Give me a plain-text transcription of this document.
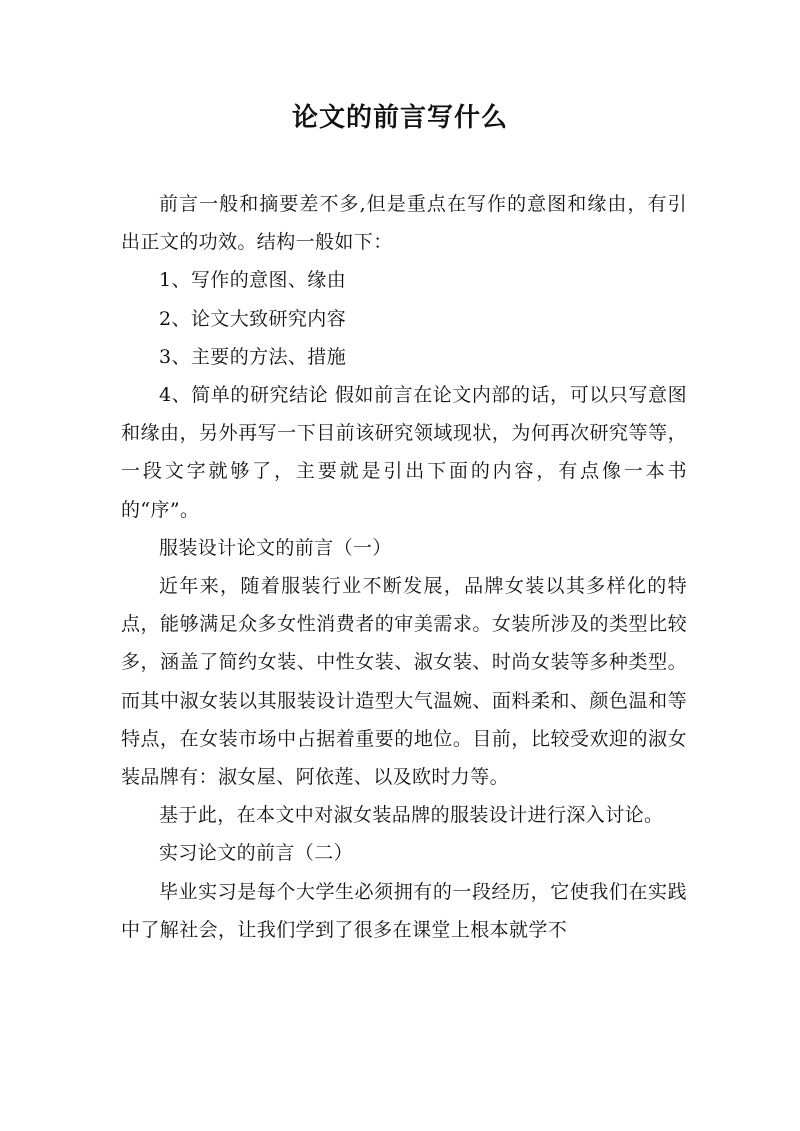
论文的前言写什么

前言一般和摘要差不多,但是重点在写作的意图和缘由，有引出正文的功效。结构一般如下：

1、写作的意图、缘由

2、论文大致研究内容

3、主要的方法、措施

4、简单的研究结论 假如前言在论文内部的话，可以只写意图和缘由，另外再写一下目前该研究领域现状，为何再次研究等等，一段文字就够了，主要就是引出下面的内容，有点像一本书的“序”。

服装设计论文的前言（一）

近年来，随着服装行业不断发展，品牌女装以其多样化的特点，能够满足众多女性消费者的审美需求。女装所涉及的类型比较多，涵盖了简约女装、中性女装、淑女装、时尚女装等多种类型。而其中淑女装以其服装设计造型大气温婉、面料柔和、颜色温和等特点，在女装市场中占据着重要的地位。目前，比较受欢迎的淑女装品牌有：淑女屋、阿依莲、以及欧时力等。

基于此，在本文中对淑女装品牌的服装设计进行深入讨论。

实习论文的前言（二）

毕业实习是每个大学生必须拥有的一段经历，它使我们在实践中了解社会，让我们学到了很多在课堂上根本就学不
